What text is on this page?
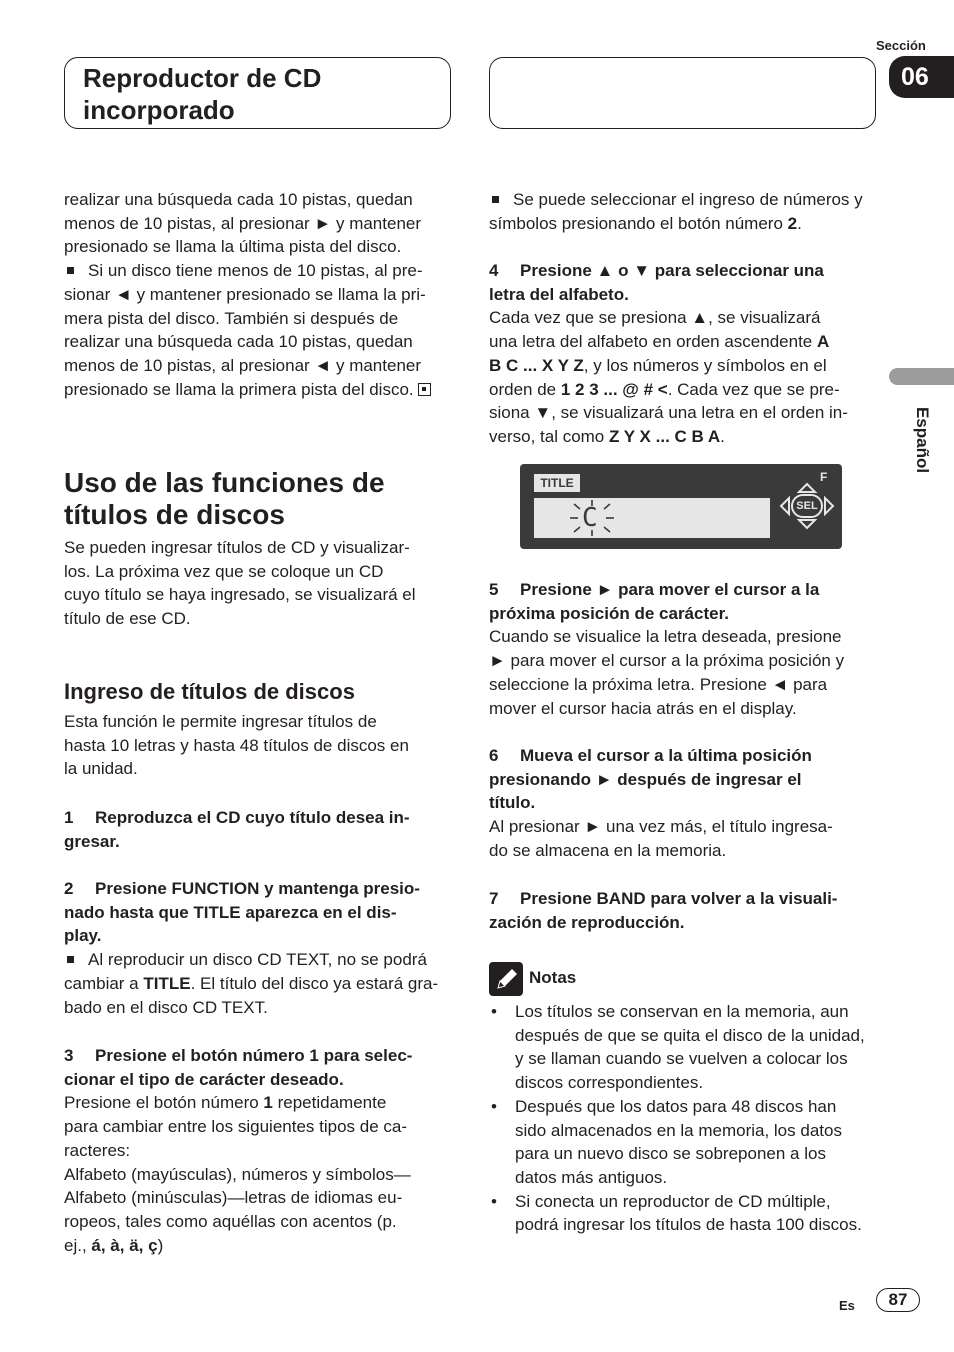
Reproductor de CD
incorporado
Sección
06
Español

realizar una búsqueda cada 10 pistas, quedan

menos de 10 pistas, al presionar ► y mantener

presionado se llama la última pista del disco.

Si un disco tiene menos de 10 pistas, al pre-

sionar ◄ y mantener presionado se llama la pri-

mera pista del disco. También si después de

realizar una búsqueda cada 10 pistas, quedan

menos de 10 pistas, al presionar ◄ y mantener

presionado se llama la primera pista del disco.

Uso de las funciones de
títulos de discos

Se pueden ingresar títulos de CD y visualizar-

los. La próxima vez que se coloque un CD

cuyo título se haya ingresado, se visualizará el

título de ese CD.

Ingreso de títulos de discos

Esta función le permite ingresar títulos de

hasta 10 letras y hasta 48 títulos de discos en

la unidad.

1 Reproduzca el CD cuyo título desea in-

gresar.

2 Presione FUNCTION y mantenga presio-

nado hasta que TITLE aparezca en el dis-

play.

Al reproducir un disco CD TEXT, no se podrá

cambiar a TITLE. El título del disco ya estará gra-

bado en el disco CD TEXT.

3 Presione el botón número 1 para selec-

cionar el tipo de carácter deseado.

Presione el botón número 1 repetidamente

para cambiar entre los siguientes tipos de ca-

racteres:

Alfabeto (mayúsculas), números y símbolos—

Alfabeto (minúsculas)—letras de idiomas eu-

ropeos, tales como aquéllas con acentos (p.

ej., á, à, ä, ç)

Se puede seleccionar el ingreso de números y

símbolos presionando el botón número 2.

4 Presione ▲ o ▼ para seleccionar una

letra del alfabeto.

Cada vez que se presiona ▲, se visualizará

una letra del alfabeto en orden ascendente A

B C ... X Y Z, y los números y símbolos en el

orden de 1 2 3 ... @ # <. Cada vez que se pre-

siona ▼, se visualizará una letra en el orden in-

verso, tal como Z Y X ... C B A.

TITLE	F
C	SEL

5 Presione ► para mover el cursor a la

próxima posición de carácter.

Cuando se visualice la letra deseada, presione

► para mover el cursor a la próxima posición y

seleccione la próxima letra. Presione ◄ para

mover el cursor hacia atrás en el display.

6 Mueva el cursor a la última posición

presionando ► después de ingresar el

título.

Al presionar ► una vez más, el título ingresa-

do se almacena en la memoria.

7 Presione BAND para volver a la visuali-

zación de reproducción.

Notas
• Los títulos se conservan en la memoria, aun

después de que se quita el disco de la unidad,

y se llaman cuando se vuelven a colocar los

discos correspondientes.

• Después que los datos para 48 discos han

sido almacenados en la memoria, los datos

para un nuevo disco se sobreponen a los

datos más antiguos.

• Si conecta un reproductor de CD múltiple,

podrá ingresar los títulos de hasta 100 discos.

Es	87
